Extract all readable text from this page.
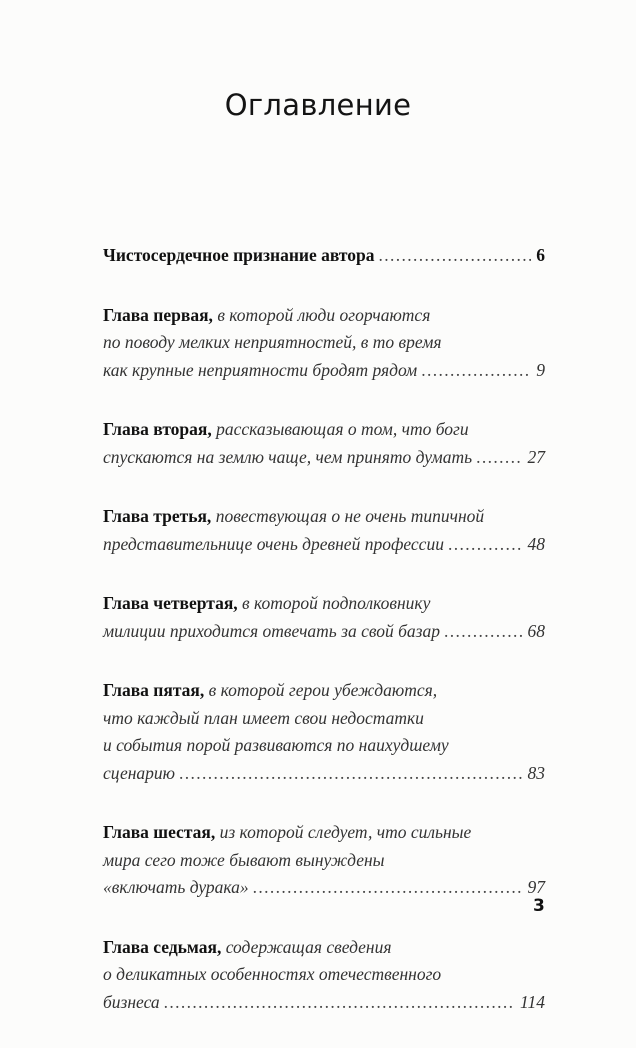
Оглавление
Чистосердечное признание автора . . .	6
Глава первая, в которой люди огорчаются
по поводу мелких неприятностей, в то время
как крупные неприятности бродят рядом . . .	9
Глава вторая, рассказывающая о том, что боги
спускаются на землю чаще, чем принято думать . . .	27
Глава третья, повествующая о не очень типичной
представительнице очень древней профессии . . .	48
Глава четвертая, в которой подполковнику
милиции приходится отвечать за свой базар . . .	68
Глава пятая, в которой герои убеждаются,
что каждый план имеет свои недостатки
и события порой развиваются по наихудшему
сценарию . . .	83
Глава шестая, из которой следует, что сильные
мира сего тоже бывают вынуждены
«включать дурака» . . .	97
Глава седьмая, содержащая сведения
о деликатных особенностях отечественного
бизнеса . . .	114
3
